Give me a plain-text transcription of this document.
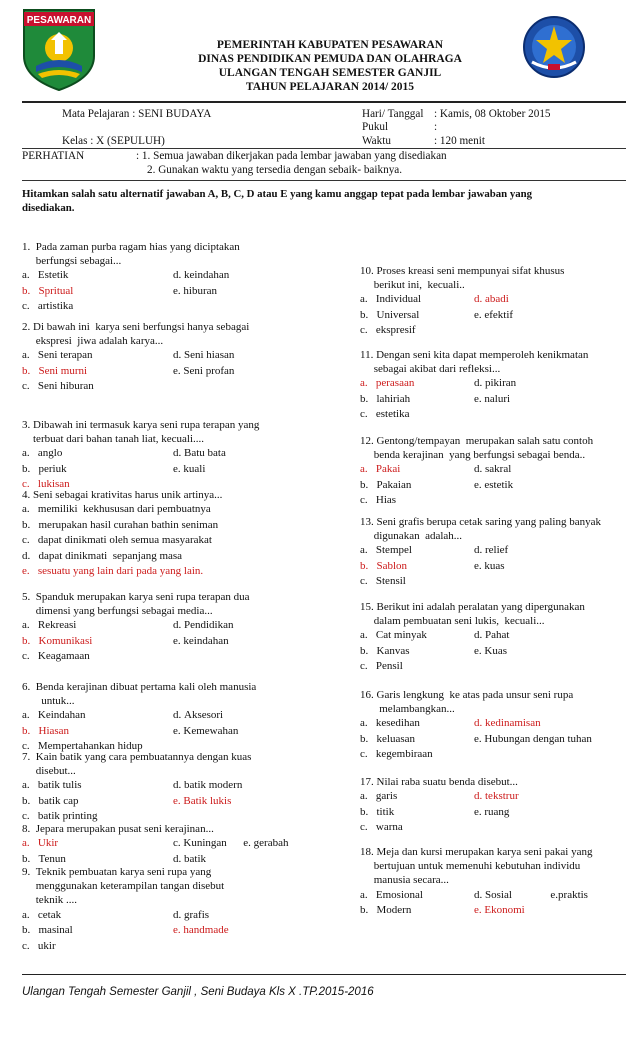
PESAWARAN
PEMERINTAH KABUPATEN PESAWARAN
DINAS PENDIDIKAN PEMUDA DAN OLAHRAGA
ULANGAN TENGAH SEMESTER GANJIL
TAHUN PELAJARAN 2014/ 2015
Mata Pelajaran : SENI BUDAYA
Kelas : X (SEPULUH)
Hari/ Tanggal : Kamis, 08 Oktober 2015
Pukul	:
Waktu	: 120 menit
PERHATIAN	: 1. Semua jawaban dikerjakan pada lembar jawaban yang disediakan
2. Gunakan waktu yang tersedia dengan sebaik- baiknya.
Hitamkan salah satu alternatif jawaban A, B, C, D atau E yang kamu anggap tepat pada lembar jawaban yang
disediakan.
1.  Pada zaman purba ragam hias yang diciptakan
berfungsi sebagai...
a.   Estetik	d. keindahan
b.   Spritual	e. hiburan
c.   artistika
2. Di bawah ini  karya seni berfungsi hanya sebagai
ekspresi  jiwa adalah karya...
a.   Seni terapan	d. Seni hiasan
b.   Seni murni	e. Seni profan
c.   Seni hiburan
3. Dibawah ini termasuk karya seni rupa terapan yang
terbuat dari bahan tanah liat, kecuali....
a.   anglo	d. Batu bata
b.   periuk	e. kuali
c.   lukisan
4. Seni sebagai krativitas harus unik artinya...
a.   memiliki  kekhususan dari pembuatnya
b.   merupakan hasil curahan bathin seniman
c.   dapat dinikmati oleh semua masyarakat
d.   dapat dinikmati  sepanjang masa
e.   sesuatu yang lain dari pada yang lain.
5.  Spanduk merupakan karya seni rupa terapan dua
dimensi yang berfungsi sebagai media...
a.   Rekreasi	d. Pendidikan
b.   Komunikasi	e. keindahan
c.   Keagamaan
6.  Benda kerajinan dibuat pertama kali oleh manusia
untuk...
a.   Keindahan	d. Aksesori
b.   Hiasan	e. Kemewahan
c.   Mempertahankan hidup
7.  Kain batik yang cara pembuatannya dengan kuas
disebut...
a.   batik tulis	d. batik modern
b.   batik cap	e. Batik lukis
c.   batik printing
8.  Jepara merupakan pusat seni kerajinan...
a.   Ukir	c. Kuningan      e. gerabah
b.   Tenun	d. batik
9.  Teknik pembuatan karya seni rupa yang
menggunakan keterampilan tangan disebut
teknik ....
a.   cetak	d. grafis
b.   masinal	e. handmade
c.   ukir
10. Proses kreasi seni mempunyai sifat khusus
berikut ini,  kecuali..
a.   Individual	d. abadi
b.   Universal	e. efektif
c.   ekspresif
11. Dengan seni kita dapat memperoleh kenikmatan
sebagai akibat dari refleksi...
a.   perasaan	d. pikiran
b.   lahiriah	e. naluri
c.   estetika
12. Gentong/tempayan  merupakan salah satu contoh
benda kerajinan  yang berfungsi sebagai benda..
a.   Pakai	d. sakral
b.   Pakaian	e. estetik
c.   Hias
13. Seni grafis berupa cetak saring yang paling banyak
digunakan  adalah...
a.   Stempel	d. relief
b.   Sablon	e. kuas
c.   Stensil
15. Berikut ini adalah peralatan yang dipergunakan
dalam pembuatan seni lukis,  kecuali...
a.   Cat minyak	d. Pahat
b.   Kanvas	e. Kuas
c.   Pensil
16. Garis lengkung  ke atas pada unsur seni rupa
melambangkan...
a.   kesedihan	d. kedinamisan
b.   keluasan	e. Hubungan dengan tuhan
c.   kegembiraan
17. Nilai raba suatu benda disebut...
a.   garis	d. tekstrur
b.   titik	e. ruang
c.   warna
18. Meja dan kursi merupakan karya seni pakai yang
bertujuan untuk memenuhi kebutuhan individu
manusia secara...
a.   Emosional	d. Sosial              e.praktis
b.   Modern	e. Ekonomi
Ulangan Tengah Semester Ganjil , Seni Budaya Kls X .TP.2015-2016
